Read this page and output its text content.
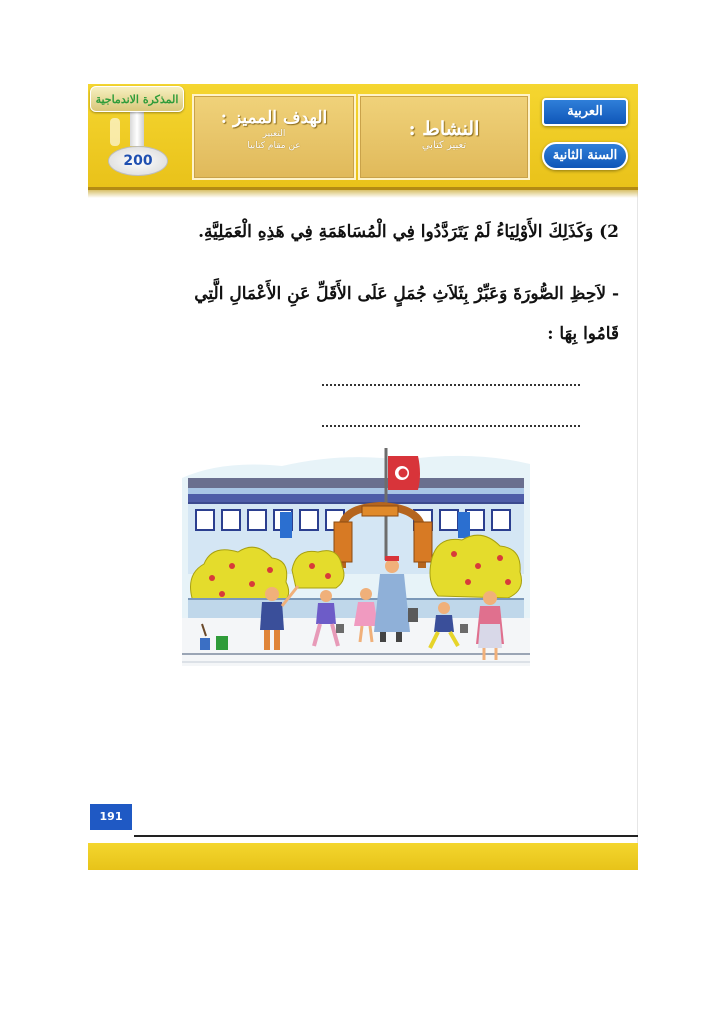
المذكرة الاندماجية
200
الهدف المميز :
التعبير
عن مقام كتابيا
النشاط :
تعبير كتابي
العربية
السنة الثانية
2) وَكَذَلِكَ الأَوْلِيَاءُ لَمْ يَتَرَدَّدُوا فِي الْمُسَاهَمَةِ فِي هَذِهِ الْعَمَلِيَّةِ.
- لاَحِظِ الصُّورَةَ وَعَبِّرْ بِثَلاَثِ جُمَلٍ عَلَى الأَقَلِّ عَنِ الأَعْمَالِ الَّتِي
قَامُوا بِهَا :
191
